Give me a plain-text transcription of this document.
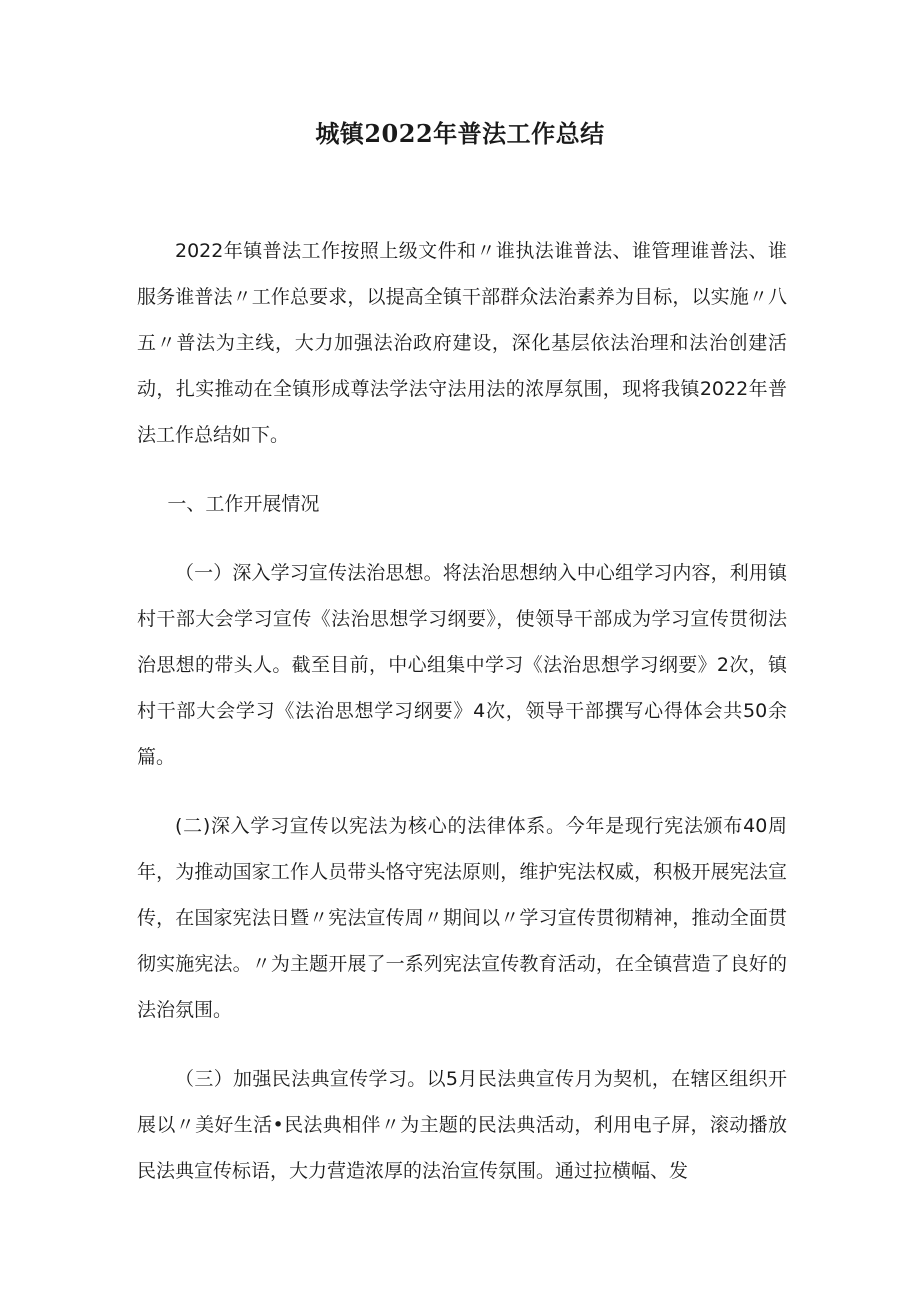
城镇2022年普法工作总结

2022年镇普法工作按照上级文件和〃谁执法谁普法、谁管理谁普法、谁服务谁普法〃工作总要求，以提高全镇干部群众法治素养为目标，以实施〃八五〃普法为主线，大力加强法治政府建设，深化基层依法治理和法治创建活动，扎实推动在全镇形成尊法学法守法用法的浓厚氛围，现将我镇2022年普法工作总结如下。

一、工作开展情况

（一）深入学习宣传法治思想。将法治思想纳入中心组学习内容，利用镇村干部大会学习宣传《法治思想学习纲要》，使领导干部成为学习宣传贯彻法治思想的带头人。截至目前，中心组集中学习《法治思想学习纲要》2次，镇村干部大会学习《法治思想学习纲要》4次，领导干部撰写心得体会共50余篇。

(二)深入学习宣传以宪法为核心的法律体系。今年是现行宪法颁布40周年，为推动国家工作人员带头恪守宪法原则，维护宪法权威，积极开展宪法宣传，在国家宪法日暨〃宪法宣传周〃期间以〃学习宣传贯彻精神，推动全面贯彻实施宪法。〃为主题开展了一系列宪法宣传教育活动，在全镇营造了良好的法治氛围。

（三）加强民法典宣传学习。以5月民法典宣传月为契机，在辖区组织开展以〃美好生活•民法典相伴〃为主题的民法典活动，利用电子屏，滚动播放民法典宣传标语，大力营造浓厚的法治宣传氛围。通过拉横幅、发
